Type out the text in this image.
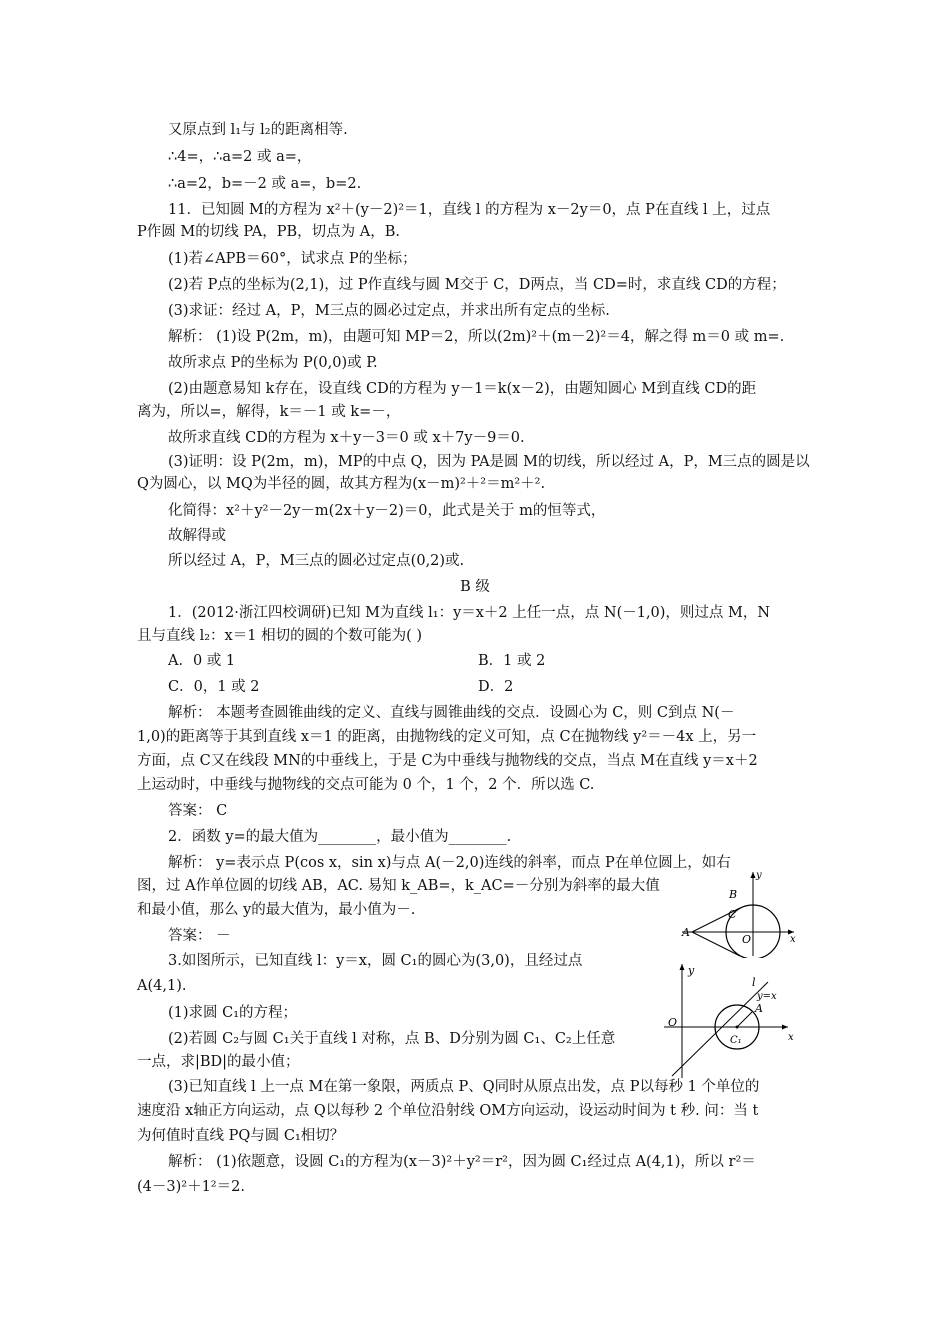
又原点到 l₁与 l₂的距离相等.
∴4=，∴a=2 或 a=，
∴a=2，b=－2 或 a=，b=2.
11．已知圆 M的方程为 x²＋(y－2)²＝1，直线 l 的方程为 x－2y＝0，点 P在直线 l 上，过点
P作圆 M的切线 PA，PB，切点为 A，B.
(1)若∠APB＝60°，试求点 P的坐标；
(2)若 P点的坐标为(2,1)，过 P作直线与圆 M交于 C，D两点，当 CD=时，求直线 CD的方程；
(3)求证：经过 A，P，M三点的圆必过定点，并求出所有定点的坐标.
解析： (1)设 P(2m，m)，由题可知 MP＝2，所以(2m)²＋(m－2)²＝4，解之得 m＝0 或 m=.
故所求点 P的坐标为 P(0,0)或 P.
(2)由题意易知 k存在，设直线 CD的方程为 y－1＝k(x－2)，由题知圆心 M到直线 CD的距
离为，所以=，解得，k＝－1 或 k=－，
故所求直线 CD的方程为 x＋y－3＝0 或 x＋7y－9＝0.
(3)证明：设 P(2m，m)，MP的中点 Q，因为 PA是圆 M的切线，所以经过 A，P，M三点的圆是以
Q为圆心，以 MQ为半径的圆，故其方程为(x－m)²＋²＝m²＋².
化简得：x²＋y²－2y－m(2x＋y－2)＝0，此式是关于 m的恒等式，
故解得或
所以经过 A，P，M三点的圆必过定点(0,2)或.
B 级
1．(2012·浙江四校调研)已知 M为直线 l₁：y＝x＋2 上任一点，点 N(－1,0)，则过点 M，N
且与直线 l₂：x＝1 相切的圆的个数可能为( )
A．0 或 1	B．1 或 2
C．0，1 或 2	D．2
解析： 本题考查圆锥曲线的定义、直线与圆锥曲线的交点．设圆心为 C，则 C到点 N(－
1,0)的距离等于其到直线 x＝1 的距离，由抛物线的定义可知，点 C在抛物线 y²＝－4x 上，另一
方面，点 C又在线段 MN的中垂线上，于是 C为中垂线与抛物线的交点，当点 M在直线 y＝x＋2
上运动时，中垂线与抛物线的交点可能为 0 个，1 个，2 个．所以选 C.
答案： C
2．函数 y=的最大值为________，最小值为________.
解析： y=表示点 P(cos x，sin x)与点 A(－2,0)连线的斜率，而点 P在单位圆上，如右
图，过 A作单位圆的切线 AB，AC. 易知 k_AB=，k_AC=－分别为斜率的最大值
和最小值，那么 y的最大值为，最小值为－.
答案： －
3.如图所示，已知直线 l：y＝x，圆 C₁的圆心为(3,0)，且经过点
A(4,1).
(1)求圆 C₁的方程；
(2)若圆 C₂与圆 C₁关于直线 l 对称，点 B、D分别为圆 C₁、C₂上任意
一点，求|BD|的最小值；
(3)已知直线 l 上一点 M在第一象限，两质点 P、Q同时从原点出发，点 P以每秒 1 个单位的
速度沿 x轴正方向运动，点 Q以每秒 2 个单位沿射线 OM方向运动，设运动时间为 t 秒. 问：当 t
为何值时直线 PQ与圆 C₁相切？
解析： (1)依题意，设圆 C₁的方程为(x－3)²＋y²＝r²，因为圆 C₁经过点 A(4,1)，所以 r²＝
(4－3)²＋1²＝2.
B
C
A
O	x
y
y
l
y=x
A
O
C₁	x
